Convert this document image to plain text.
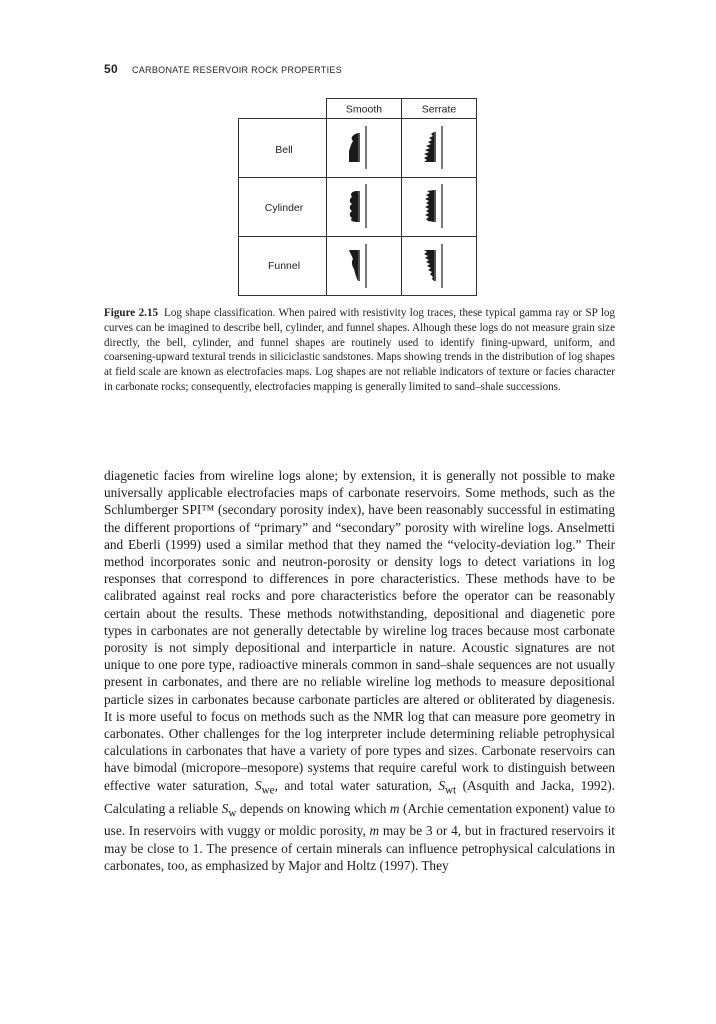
50 CARBONATE RESERVOIR ROCK PROPERTIES
Smooth	Serrate
Bell
Cylinder
Funnel
Figure 2.15 Log shape classification. When paired with resistivity log traces, these typical gamma ray or SP log curves can be imagined to describe bell, cylinder, and funnel shapes. Alhough these logs do not measure grain size directly, the bell, cylinder, and funnel shapes are routinely used to identify fining-upward, uniform, and coarsening-upward textural trends in siliciclastic sandstones. Maps showing trends in the distribution of log shapes at field scale are known as electrofacies maps. Log shapes are not reliable indicators of texture or facies character in carbonate rocks; consequently, electrofacies mapping is generally limited to sand–shale successions.
diagenetic facies from wireline logs alone; by extension, it is generally not possible to make universally applicable electrofacies maps of carbonate reservoirs. Some methods, such as the Schlumberger SPI™ (secondary porosity index), have been reasonably successful in estimating the different proportions of “primary” and “secondary” porosity with wireline logs. Anselmetti and Eberli (1999) used a similar method that they named the “velocity-deviation log.” Their method incorporates sonic and neutron-porosity or density logs to detect variations in log responses that correspond to differences in pore characteristics. These methods have to be calibrated against real rocks and pore characteristics before the operator can be reasonably certain about the results. These methods notwithstanding, depositional and diagenetic pore types in carbonates are not generally detectable by wireline log traces because most carbonate porosity is not simply depositional and interparticle in nature. Acoustic signatures are not unique to one pore type, radioactive minerals common in sand–shale sequences are not usually present in carbonates, and there are no reliable wireline log methods to measure depositional particle sizes in carbonates because carbonate particles are altered or obliterated by diagenesis. It is more useful to focus on methods such as the NMR log that can measure pore geometry in carbonates. Other challenges for the log interpreter include determining reliable petrophysical calculations in carbonates that have a variety of pore types and sizes. Carbonate reservoirs can have bimodal (micropore–mesopore) systems that require careful work to distinguish between effective water saturation, $S_{we}$, and total water saturation, $S_{wt}$ (Asquith and Jacka, 1992). Calculating a reliable $S_w$ depends on knowing which m (Archie cementation exponent) value to use. In reservoirs with vuggy or moldic porosity, m may be 3 or 4, but in fractured reservoirs it may be close to 1. The presence of certain minerals can influence petrophysical calculations in carbonates, too, as emphasized by Major and Holtz (1997). They
